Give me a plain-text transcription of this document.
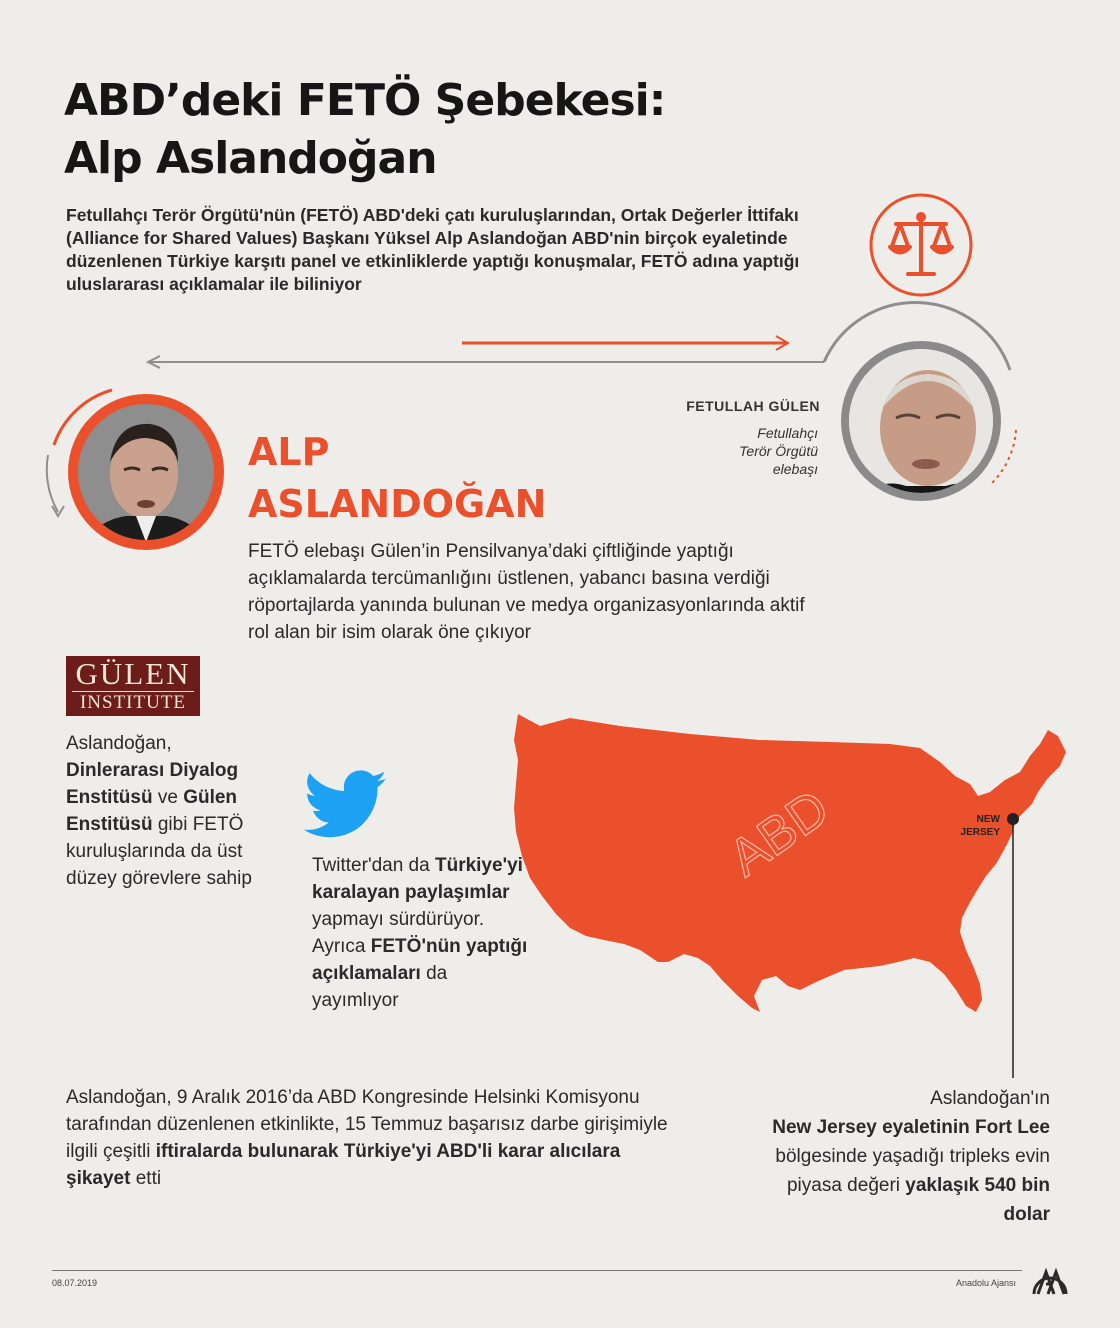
ABD’deki FETÖ Şebekesi:
Alp Aslandoğan
Fetullahçı Terör Örgütü'nün (FETÖ) ABD'deki çatı kuruluşlarından, Ortak Değerler İttifakı (Alliance for Shared Values) Başkanı Yüksel Alp Aslandoğan ABD'nin birçok eyaletinde düzenlenen Türkiye karşıtı panel ve etkinliklerde yaptığı konuşmalar, FETÖ adına yaptığı uluslararası açıklamalar ile biliniyor
FETULLAH GÜLEN
Fetullahçı
Terör Örgütü
elebaşı
ALP
ASLANDOĞAN
FETÖ elebaşı Gülen’in Pensilvanya’daki çiftliğinde yaptığı açıklamalarda tercümanlığını üstlenen, yabancı basına verdiği röportajlarda yanında bulunan ve medya organizasyonlarında aktif rol alan bir isim olarak öne çıkıyor
GÜLEN
INSTITUTE
Aslandoğan, Dinlerarası Diyalog Enstitüsü ve Gülen Enstitüsü gibi FETÖ kuruluşlarında da üst düzey görevlere sahip
Twitter'dan da Türkiye'yi karalayan paylaşımlar yapmayı sürdürüyor. Ayrıca FETÖ'nün yaptığı açıklamaları da yayımlıyor
ABD	NEW
JERSEY
Aslandoğan, 9 Aralık 2016’da ABD Kongresinde Helsinki Komisyonu tarafından düzenlenen etkinlikte, 15 Temmuz başarısız darbe girişimiyle ilgili çeşitli iftiralarda bulunarak Türkiye'yi ABD'li karar alıcılara şikayet etti
Aslandoğan'ın
New Jersey eyaletinin Fort Lee
bölgesinde yaşadığı tripleks evin piyasa değeri yaklaşık 540 bin dolar
08.07.2019	Anadolu Ajansı
